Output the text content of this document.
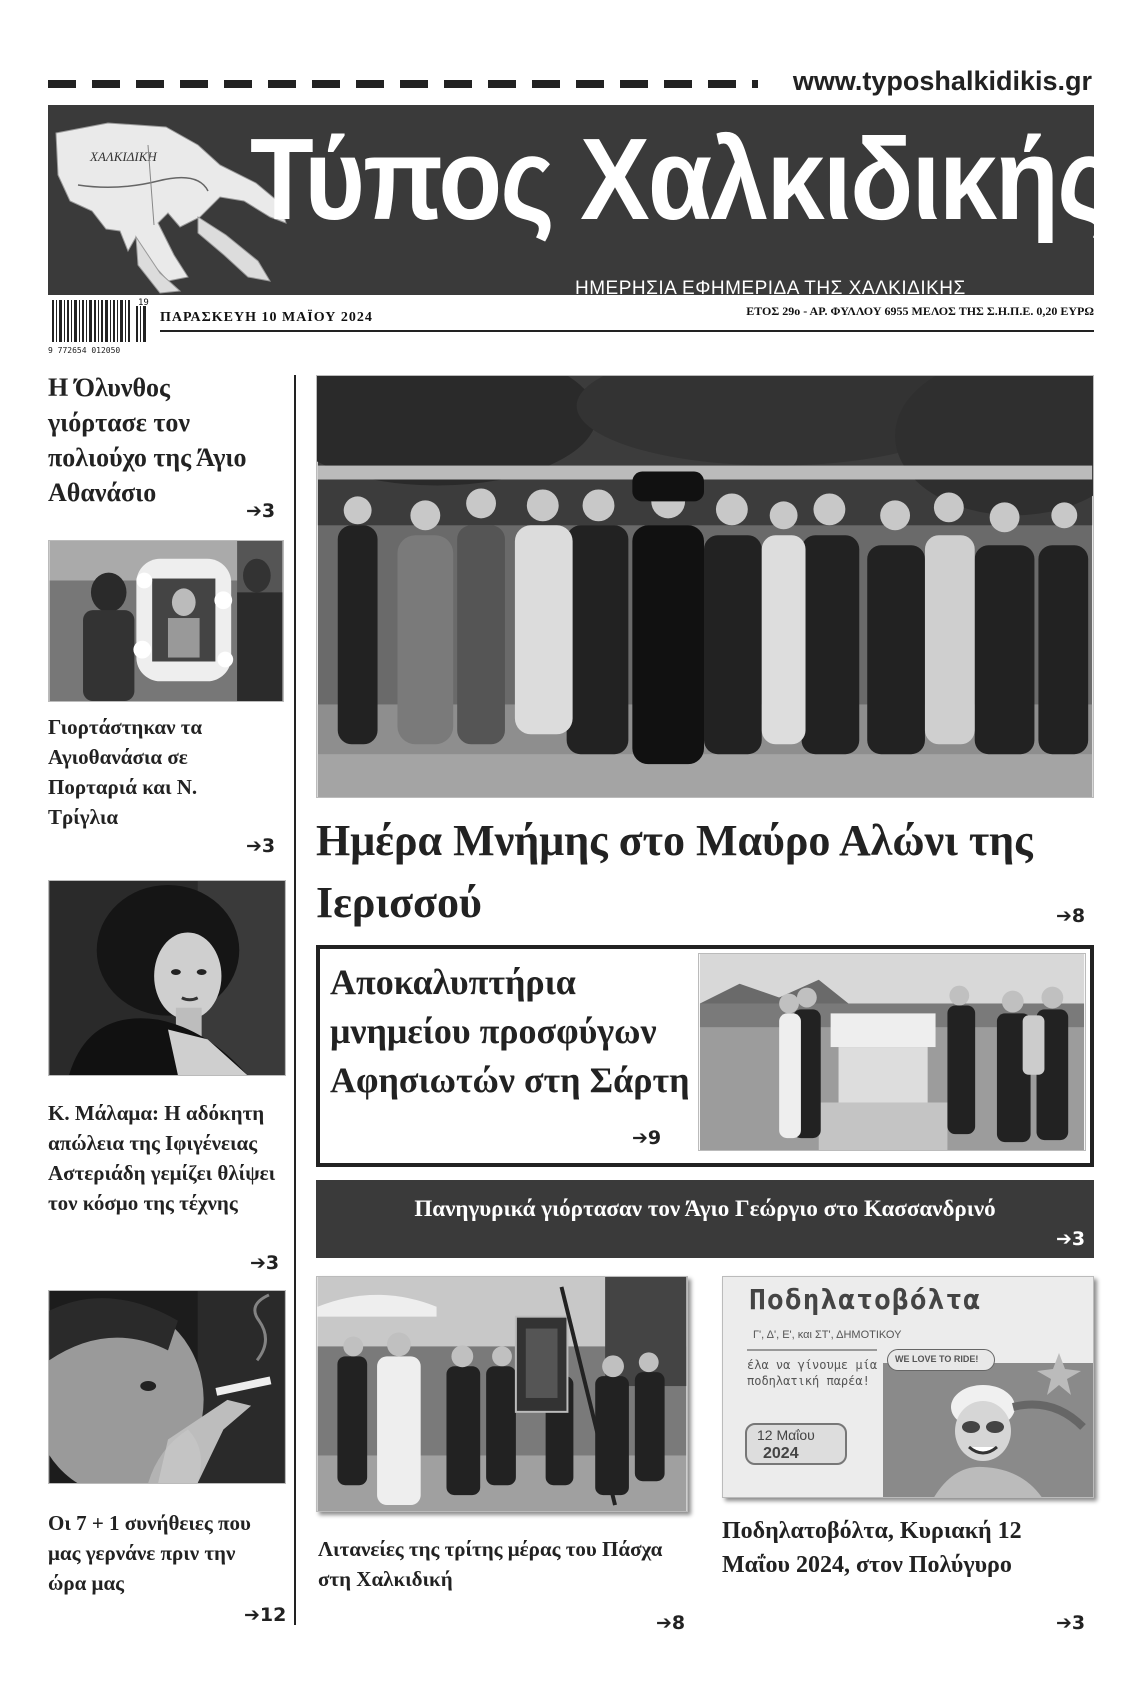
www.typoshalkidikis.gr
ΧΑΛΚΙΔΙΚΗ Τύπος Χαλκιδικής
ΗΜΕΡΗΣΙΑ ΕΦΗΜΕΡΙΔΑ ΤΗΣ ΧΑΛΚΙΔΙΚΗΣ
19
9 772654 012050
ΠΑΡΑΣΚΕΥΗ 10 ΜΑΪΟΥ 2024	ΕΤΟΣ 29ο - ΑΡ. ΦΥΛΛΟΥ 6955 ΜΕΛΟΣ ΤΗΣ Σ.Η.Π.Ε. 0,20 ΕΥΡΩ
Η Όλυνθος γιόρτασε τον πολιούχο της Άγιο Αθανάσιο
➔3
Γιορτάστηκαν τα Αγιοθανάσια σε Πορταριά και Ν. Τρίγλια
➔3
Κ. Μάλαμα: Η αδόκητη απώλεια της Ιφιγένειας Αστεριάδη γεμίζει θλίψει τον κόσμο της τέχνης
➔3
Οι 7 + 1 συνήθειες που μας γερνάνε πριν την ώρα μας
➔12
Ημέρα Μνήμης στο Μαύρο Αλώνι της Ιερισσού	➔8
Αποκαλυπτήρια μνημείου προσφύγων Αφησιωτών στη Σάρτη
➔9
Πανηγυρικά γιόρτασαν τον Άγιο Γεώργιο στο Κασσανδρινό
➔3
Λιτανείες της τρίτης μέρας του Πάσχα στη Χαλκιδική
➔8
Ποδηλατοβόλτα
Γ', Δ', Ε', και ΣΤ', ΔΗΜΟΤΙΚΟΥ
έλα να γίνουμε μία ποδηλατική παρέα!
12 Μαΐου
2024
WE LOVE TO RIDE!
Ποδηλατοβόλτα, Κυριακή 12 Μαΐου 2024, στον Πολύγυρο
➔3
